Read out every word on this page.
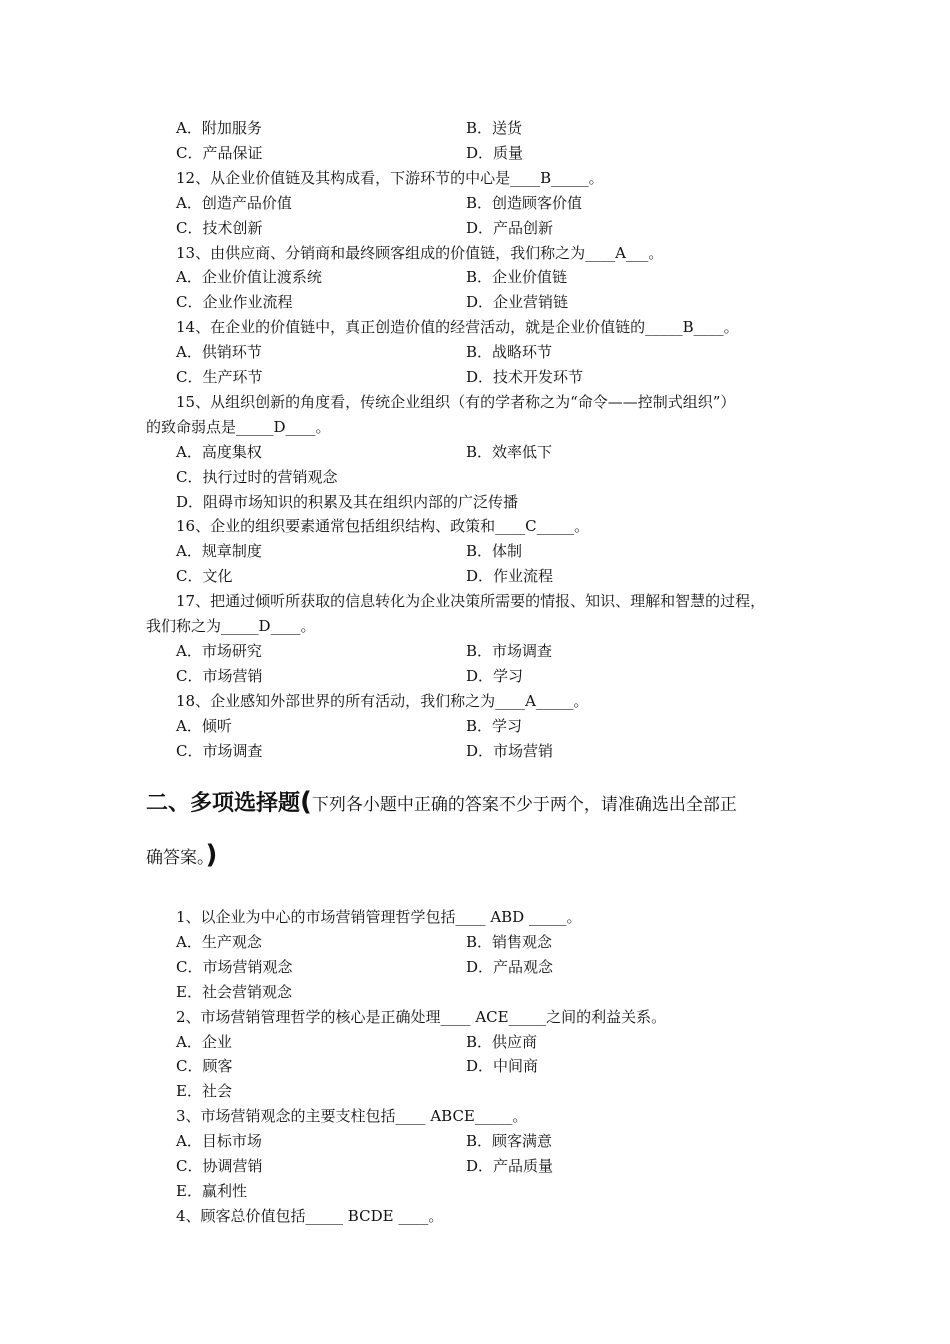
A．附加服务	B．送货
C．产品保证	D．质量
12、从企业价值链及其构成看，下游环节的中心是____B_____。
A．创造产品价值	B．创造顾客价值
C．技术创新	D．产品创新
13、由供应商、分销商和最终顾客组成的价值链，我们称之为____A___。
A．企业价值让渡系统	B．企业价值链
C．企业作业流程	D．企业营销链
14、在企业的价值链中，真正创造价值的经营活动，就是企业价值链的_____B____。
A．供销环节	B．战略环节
C．生产环节	D．技术开发环节
15、从组织创新的角度看，传统企业组织（有的学者称之为“命令——控制式组织”）
的致命弱点是_____D____。
A．高度集权	B．效率低下
C．执行过时的营销观念
D．阻碍市场知识的积累及其在组织内部的广泛传播
16、企业的组织要素通常包括组织结构、政策和____C_____。
A．规章制度	B．体制
C．文化	D．作业流程
17、把通过倾听所获取的信息转化为企业决策所需要的情报、知识、理解和智慧的过程，
我们称之为_____D____。
A．市场研究	B．市场调查
C．市场营销	D．学习
18、企业感知外部世界的所有活动，我们称之为____A_____。
A．倾听	B．学习
C．市场调查	D．市场营销
二、多项选择题(下列各小题中正确的答案不少于两个，请准确选出全部正
确答案。)
1、以企业为中心的市场营销管理哲学包括____ ABD _____。
A．生产观念	B．销售观念
C．市场营销观念	D．产品观念
E．社会营销观念
2、市场营销管理哲学的核心是正确处理____ ACE_____之间的利益关系。
A．企业	B．供应商
C．顾客	D．中间商
E．社会
3、市场营销观念的主要支柱包括____ ABCE_____。
A．目标市场	B．顾客满意
C．协调营销	D．产品质量
E．赢利性
4、顾客总价值包括_____ BCDE ____。
